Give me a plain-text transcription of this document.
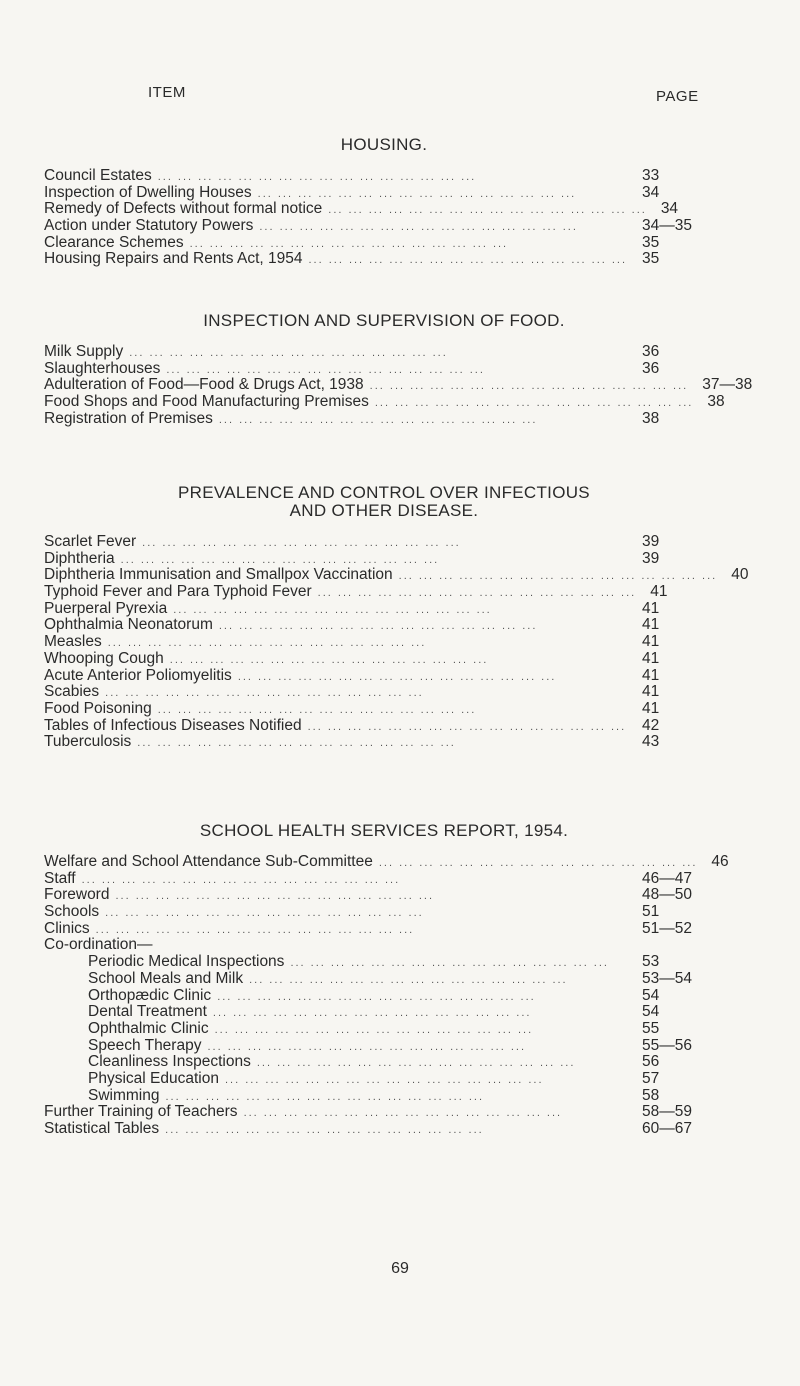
ITEM	PAGE
HOUSING.
Council Estates ... ... ... ... ... ... ... ... ... ... ... ... ... ... ... ...	33
Inspection of Dwelling Houses ... ... ... ... ... ... ... ... ... ... ... ... ... ... ... ...	34
Remedy of Defects without formal notice ... ... ... ... ... ... ... ... ... ... ... ... ... ... ... ... 34
Action under Statutory Powers ... ... ... ... ... ... ... ... ... ... ... ... ... ... ... ...	34—35
Clearance Schemes ... ... ... ... ... ... ... ... ... ... ... ... ... ... ... ...	35
Housing Repairs and Rents Act, 1954 ... ... ... ... ... ... ... ... ... ... ... ... ... ... ... ... 35
INSPECTION AND SUPERVISION OF FOOD.
Milk Supply ... ... ... ... ... ... ... ... ... ... ... ... ... ... ... ...	36
Slaughterhouses ... ... ... ... ... ... ... ... ... ... ... ... ... ... ... ...	36
Adulteration of Food—Food & Drugs Act, 1938 ... ... ... ... ... ... ... ... ... ... ... ... ... ... ... ... 37—38
Food Shops and Food Manufacturing Premises ... ... ... ... ... ... ... ... ... ... ... ... ... ... ... ... 38
Registration of Premises ... ... ... ... ... ... ... ... ... ... ... ... ... ... ... ...	38
PREVALENCE AND CONTROL OVER INFECTIOUS
AND OTHER DISEASE.
Scarlet Fever ... ... ... ... ... ... ... ... ... ... ... ... ... ... ... ...	39
Diphtheria ... ... ... ... ... ... ... ... ... ... ... ... ... ... ... ...	39
Diphtheria Immunisation and Smallpox Vaccination ... ... ... ... ... ... ... ... ... ... ... ... ... ... ... ... 40
Typhoid Fever and Para Typhoid Fever ... ... ... ... ... ... ... ... ... ... ... ... ... ... ... ... 41
Puerperal Pyrexia ... ... ... ... ... ... ... ... ... ... ... ... ... ... ... ...	41
Ophthalmia Neonatorum ... ... ... ... ... ... ... ... ... ... ... ... ... ... ... ...	41
Measles ... ... ... ... ... ... ... ... ... ... ... ... ... ... ... ...	41
Whooping Cough ... ... ... ... ... ... ... ... ... ... ... ... ... ... ... ...	41
Acute Anterior Poliomyelitis ... ... ... ... ... ... ... ... ... ... ... ... ... ... ... ...	41
Scabies ... ... ... ... ... ... ... ... ... ... ... ... ... ... ... ...	41
Food Poisoning ... ... ... ... ... ... ... ... ... ... ... ... ... ... ... ...	41
Tables of Infectious Diseases Notified ... ... ... ... ... ... ... ... ... ... ... ... ... ... ... ...	42
Tuberculosis ... ... ... ... ... ... ... ... ... ... ... ... ... ... ... ...	43
SCHOOL HEALTH SERVICES REPORT, 1954.
Welfare and School Attendance Sub-Committee ... ... ... ... ... ... ... ... ... ... ... ... ... ... ... ... 46
Staff ... ... ... ... ... ... ... ... ... ... ... ... ... ... ... ...	46—47
Foreword ... ... ... ... ... ... ... ... ... ... ... ... ... ... ... ...	48—50
Schools ... ... ... ... ... ... ... ... ... ... ... ... ... ... ... ...	51
Clinics ... ... ... ... ... ... ... ... ... ... ... ... ... ... ... ...	51—52
Co-ordination—
Periodic Medical Inspections ... ... ... ... ... ... ... ... ... ... ... ... ... ... ... ...	53
School Meals and Milk ... ... ... ... ... ... ... ... ... ... ... ... ... ... ... ...	53—54
Orthopædic Clinic ... ... ... ... ... ... ... ... ... ... ... ... ... ... ... ...	54
Dental Treatment ... ... ... ... ... ... ... ... ... ... ... ... ... ... ... ...	54
Ophthalmic Clinic ... ... ... ... ... ... ... ... ... ... ... ... ... ... ... ...	55
Speech Therapy ... ... ... ... ... ... ... ... ... ... ... ... ... ... ... ...	55—56
Cleanliness Inspections ... ... ... ... ... ... ... ... ... ... ... ... ... ... ... ...	56
Physical Education ... ... ... ... ... ... ... ... ... ... ... ... ... ... ... ...	57
Swimming ... ... ... ... ... ... ... ... ... ... ... ... ... ... ... ...	58
Further Training of Teachers ... ... ... ... ... ... ... ... ... ... ... ... ... ... ... ...	58—59
Statistical Tables ... ... ... ... ... ... ... ... ... ... ... ... ... ... ... ...	60—67
69
